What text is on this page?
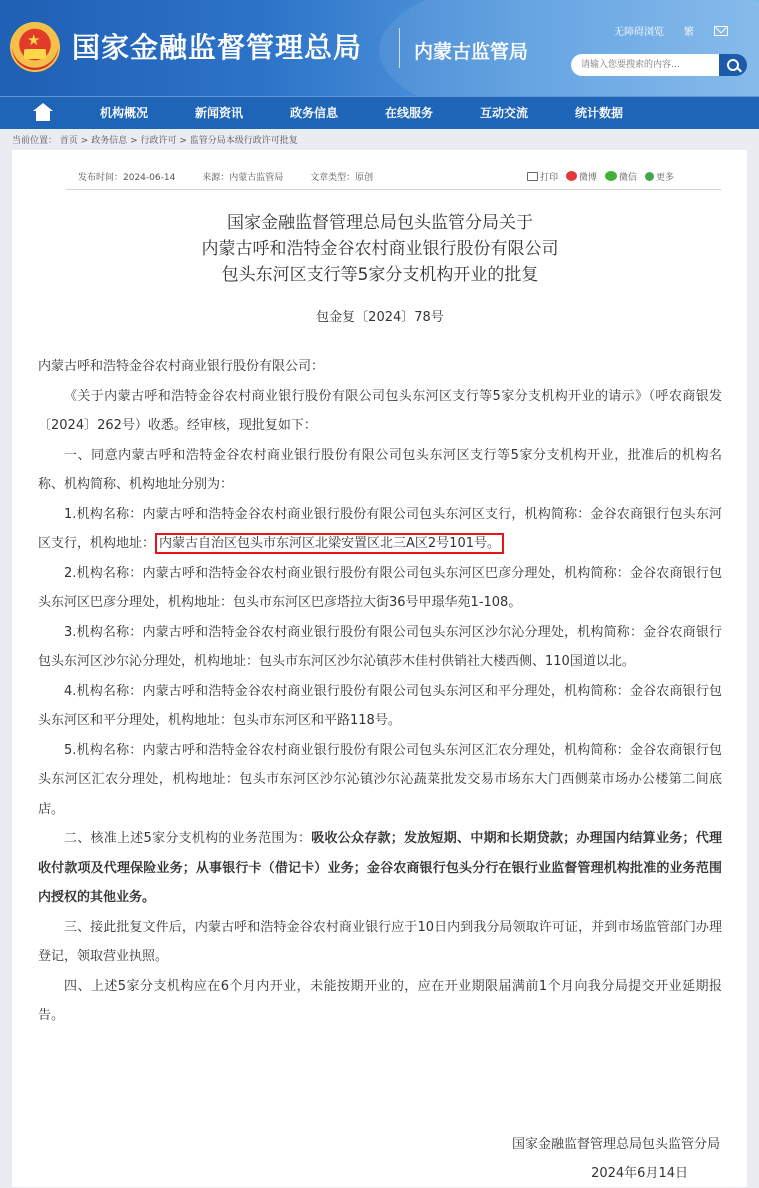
★ 国家金融监督管理总局	内蒙古监管局
无障碍浏览 繁
请输入您要搜索的内容…
机构概况	新闻资讯	政务信息	在线服务	互动交流	统计数据
当前位置： 首页 > 政务信息 > 行政许可 > 监管分局本级行政许可批复
发布时间：2024-06-14	来源：内蒙古监管局	文章类型：原创	打印	微博	微信	更多
国家金融监督管理总局包头监管分局关于
内蒙古呼和浩特金谷农村商业银行股份有限公司
包头东河区支行等5家分支机构开业的批复
包金复〔2024〕78号

内蒙古呼和浩特金谷农村商业银行股份有限公司：

《关于内蒙古呼和浩特金谷农村商业银行股份有限公司包头东河区支行等5家分支机构开业的请示》（呼农商银发〔2024〕262号）收悉。经审核，现批复如下：

一、同意内蒙古呼和浩特金谷农村商业银行股份有限公司包头东河区支行等5家分支机构开业，批准后的机构名称、机构简称、机构地址分别为：

1.机构名称：内蒙古呼和浩特金谷农村商业银行股份有限公司包头东河区支行，机构简称：金谷农商银行包头东河区支行，机构地址： 内蒙古自治区包头市东河区北梁安置区北三A区2号101号。

2.机构名称：内蒙古呼和浩特金谷农村商业银行股份有限公司包头东河区巴彦分理处，机构简称：金谷农商银行包头东河区巴彦分理处，机构地址：包头市东河区巴彦塔拉大街36号甲璟华苑1-108。

3.机构名称：内蒙古呼和浩特金谷农村商业银行股份有限公司包头东河区沙尔沁分理处，机构简称：金谷农商银行包头东河区沙尔沁分理处，机构地址：包头市东河区沙尔沁镇莎木佳村供销社大楼西侧、110国道以北。

4.机构名称：内蒙古呼和浩特金谷农村商业银行股份有限公司包头东河区和平分理处，机构简称：金谷农商银行包头东河区和平分理处，机构地址：包头市东河区和平路118号。

5.机构名称：内蒙古呼和浩特金谷农村商业银行股份有限公司包头东河区汇农分理处，机构简称：金谷农商银行包头东河区汇农分理处，机构地址：包头市东河区沙尔沁镇沙尔沁蔬菜批发交易市场东大门西侧菜市场办公楼第二间底店。

二、核准上述5家分支机构的业务范围为：吸收公众存款；发放短期、中期和长期贷款；办理国内结算业务；代理收付款项及代理保险业务；从事银行卡（借记卡）业务；金谷农商银行包头分行在银行业监督管理机构批准的业务范围内授权的其他业务。

三、接此批复文件后，内蒙古呼和浩特金谷农村商业银行应于10日内到我分局领取许可证，并到市场监管部门办理登记，领取营业执照。

四、上述5家分支机构应在6个月内开业，未能按期开业的，应在开业期限届满前1个月向我分局提交开业延期报告。

国家金融监督管理总局包头监管分局
2024年6月14日
